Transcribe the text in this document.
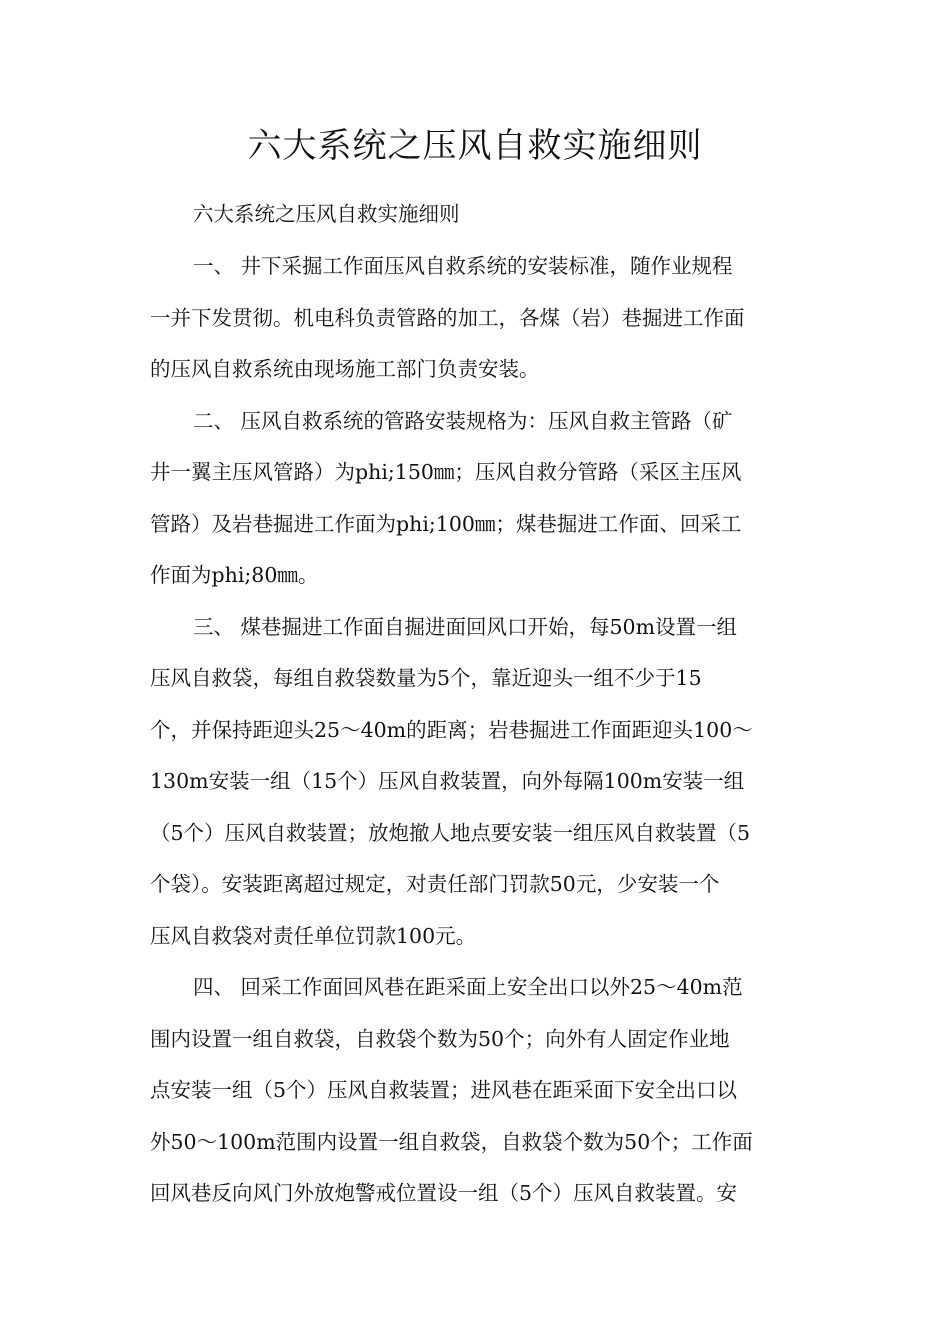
六大系统之压风自救实施细则

六大系统之压风自救实施细则

一、 井下采掘工作面压风自救系统的安装标准，随作业规程

一并下发贯彻。机电科负责管路的加工，各煤（岩）巷掘进工作面

的压风自救系统由现场施工部门负责安装。

二、 压风自救系统的管路安装规格为：压风自救主管路（矿

井一翼主压风管路）为phi;150㎜；压风自救分管路（采区主压风

管路）及岩巷掘进工作面为phi;100㎜；煤巷掘进工作面、回采工

作面为phi;80㎜。

三、 煤巷掘进工作面自掘进面回风口开始，每50m设置一组

压风自救袋，每组自救袋数量为5个，靠近迎头一组不少于15

个，并保持距迎头25～40m的距离；岩巷掘进工作面距迎头100～

130m安装一组（15个）压风自救装置，向外每隔100m安装一组

（5个）压风自救装置；放炮撤人地点要安装一组压风自救装置（5

个袋）。安装距离超过规定，对责任部门罚款50元，少安装一个

压风自救袋对责任单位罚款100元。

四、 回采工作面回风巷在距采面上安全出口以外25～40m范

围内设置一组自救袋，自救袋个数为50个；向外有人固定作业地

点安装一组（5个）压风自救装置；进风巷在距采面下安全出口以

外50～100m范围内设置一组自救袋，自救袋个数为50个；工作面

回风巷反向风门外放炮警戒位置设一组（5个）压风自救装置。安
